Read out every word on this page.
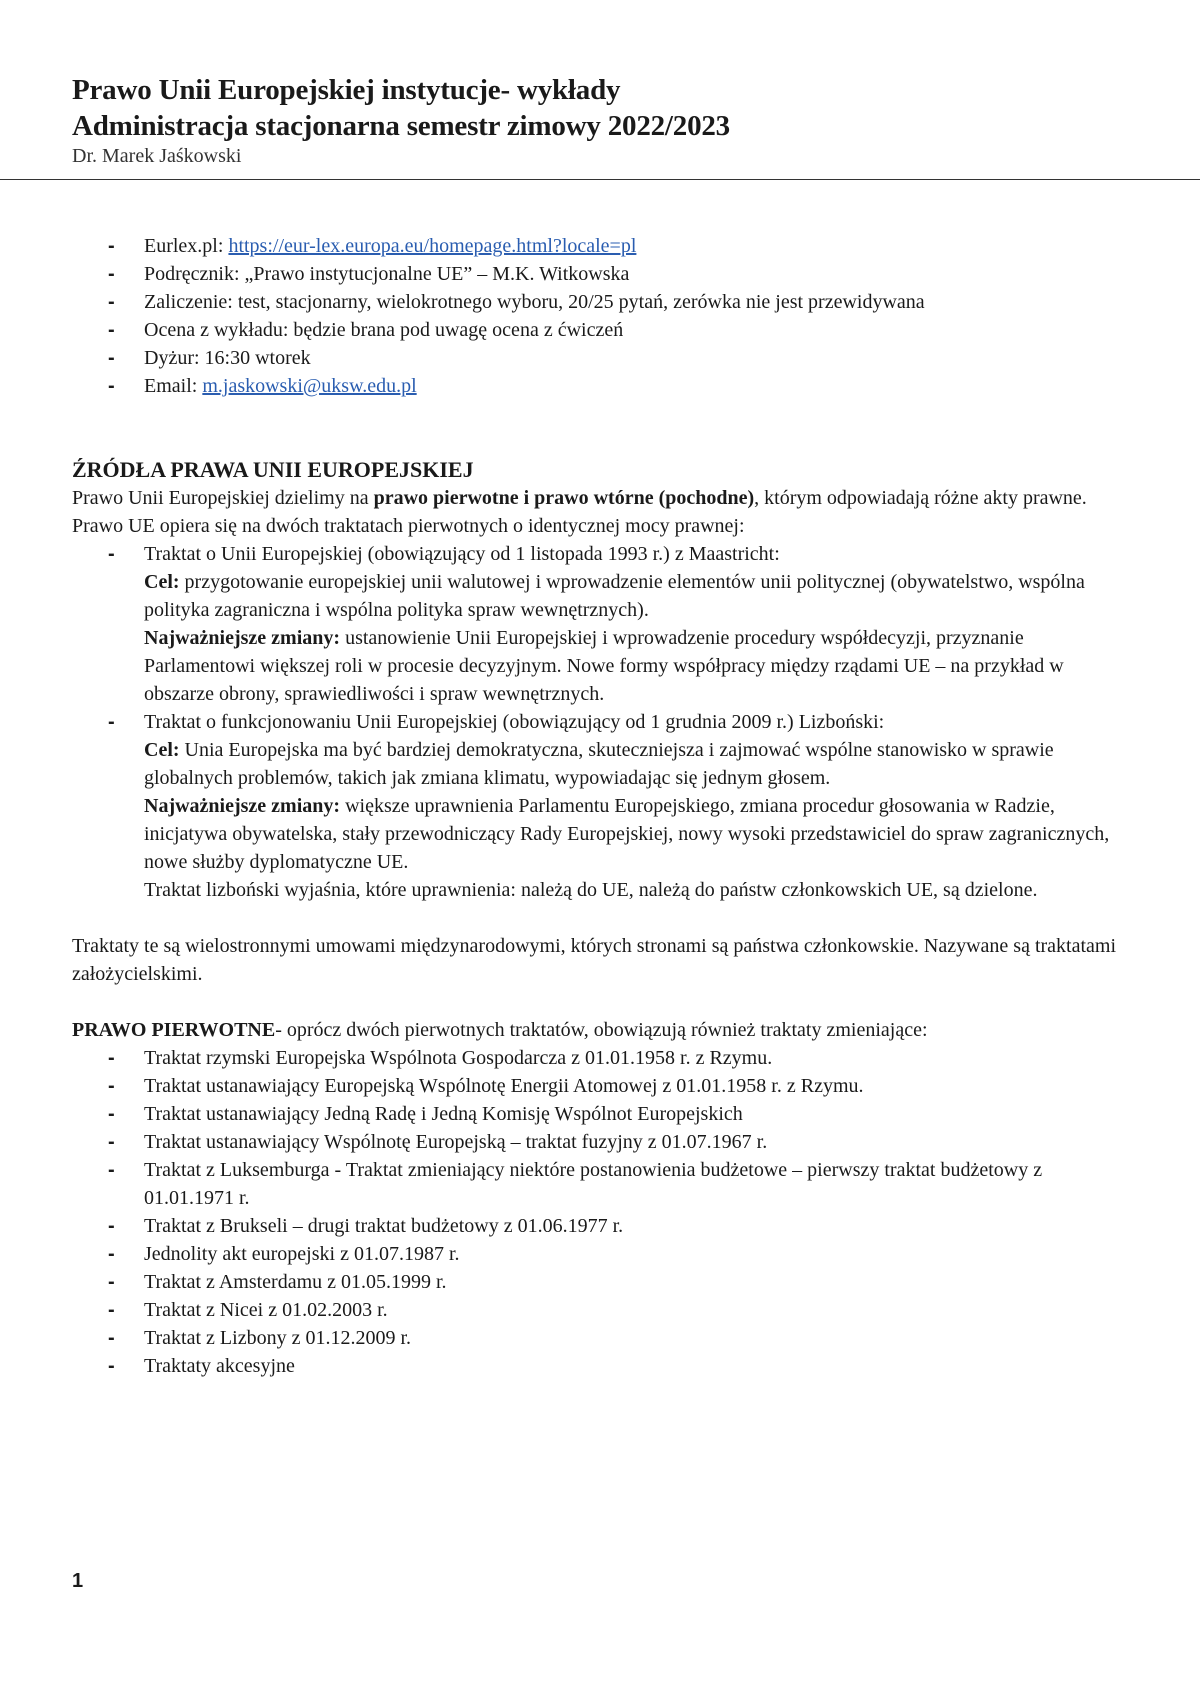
Prawo Unii Europejskiej instytucje- wykłady
Administracja stacjonarna semestr zimowy 2022/2023
Dr. Marek Jaśkowski
- Eurlex.pl: https://eur-lex.europa.eu/homepage.html?locale=pl
- Podręcznik: „Prawo instytucjonalne UE” – M.K. Witkowska
- Zaliczenie: test, stacjonarny, wielokrotnego wyboru, 20/25 pytań, zerówka nie jest przewidywana
- Ocena z wykładu: będzie brana pod uwagę ocena z ćwiczeń
- Dyżur: 16:30 wtorek
- Email: m.jaskowski@uksw.edu.pl
ŹRÓDŁA PRAWA UNII EUROPEJSKIEJ

Prawo Unii Europejskiej dzielimy na prawo pierwotne i prawo wtórne (pochodne), którym odpowiadają różne akty prawne.

Prawo UE opiera się na dwóch traktatach pierwotnych o identycznej mocy prawnej:

- Traktat o Unii Europejskiej (obowiązujący od 1 listopada 1993 r.) z Maastricht:
Cel: przygotowanie europejskiej unii walutowej i wprowadzenie elementów unii politycznej (obywatelstwo, wspólna polityka zagraniczna i wspólna polityka spraw wewnętrznych).
Najważniejsze zmiany: ustanowienie Unii Europejskiej i wprowadzenie procedury współdecyzji, przyznanie Parlamentowi większej roli w procesie decyzyjnym. Nowe formy współpracy między rządami UE – na przykład w obszarze obrony, sprawiedliwości i spraw wewnętrznych.
- Traktat o funkcjonowaniu Unii Europejskiej (obowiązujący od 1 grudnia 2009 r.) Lizboński:
Cel: Unia Europejska ma być bardziej demokratyczna, skuteczniejsza i zajmować wspólne stanowisko w sprawie globalnych problemów, takich jak zmiana klimatu, wypowiadając się jednym głosem.
Najważniejsze zmiany: większe uprawnienia Parlamentu Europejskiego, zmiana procedur głosowania w Radzie, inicjatywa obywatelska, stały przewodniczący Rady Europejskiej, nowy wysoki przedstawiciel do spraw zagranicznych, nowe służby dyplomatyczne UE.
Traktat lizboński wyjaśnia, które uprawnienia: należą do UE, należą do państw członkowskich UE, są dzielone.

Traktaty te są wielostronnymi umowami międzynarodowymi, których stronami są państwa członkowskie. Nazywane są traktatami założycielskimi.

PRAWO PIERWOTNE- oprócz dwóch pierwotnych traktatów, obowiązują również traktaty zmieniające:

- Traktat rzymski Europejska Wspólnota Gospodarcza z 01.01.1958 r. z Rzymu.
- Traktat ustanawiający Europejską Wspólnotę Energii Atomowej z 01.01.1958 r. z Rzymu.
- Traktat ustanawiający Jedną Radę i Jedną Komisję Wspólnot Europejskich
- Traktat ustanawiający Wspólnotę Europejską – traktat fuzyjny z 01.07.1967 r.
- Traktat z Luksemburga - Traktat zmieniający niektóre postanowienia budżetowe – pierwszy traktat budżetowy z 01.01.1971 r.
- Traktat z Brukseli – drugi traktat budżetowy z 01.06.1977 r.
- Jednolity akt europejski z 01.07.1987 r.
- Traktat z Amsterdamu z 01.05.1999 r.
- Traktat z Nicei z 01.02.2003 r.
- Traktat z Lizbony z 01.12.2009 r.
- Traktaty akcesyjne
1
